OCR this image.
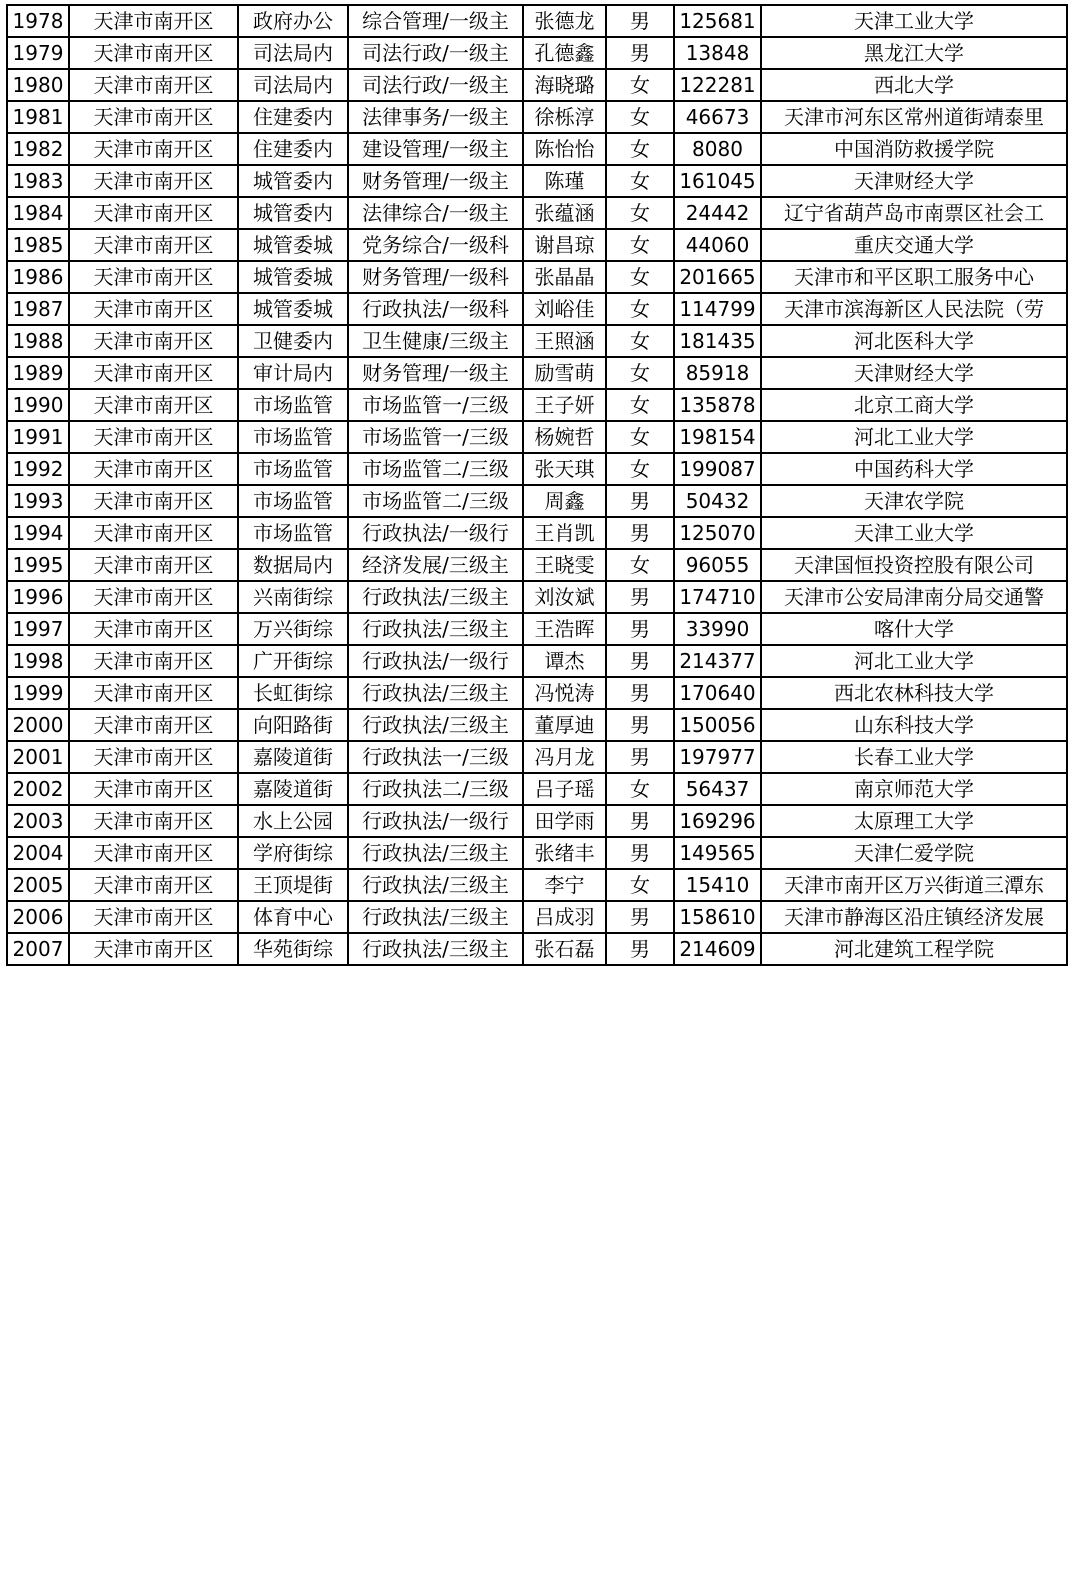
1978	天津市南开区	政府办公	综合管理/一级主	张德龙	男	125681	天津工业大学
1979	天津市南开区	司法局内	司法行政/一级主	孔德鑫	男	13848	黑龙江大学
1980	天津市南开区	司法局内	司法行政/一级主	海晓璐	女	122281	西北大学
1981	天津市南开区	住建委内	法律事务/一级主	徐栎淳	女	46673	天津市河东区常州道街靖泰里
1982	天津市南开区	住建委内	建设管理/一级主	陈怡怡	女	8080	中国消防救援学院
1983	天津市南开区	城管委内	财务管理/一级主	陈瑾	女	161045	天津财经大学
1984	天津市南开区	城管委内	法律综合/一级主	张蕴涵	女	24442	辽宁省葫芦岛市南票区社会工
1985	天津市南开区	城管委城	党务综合/一级科	谢昌琼	女	44060	重庆交通大学
1986	天津市南开区	城管委城	财务管理/一级科	张晶晶	女	201665	天津市和平区职工服务中心
1987	天津市南开区	城管委城	行政执法/一级科	刘峪佳	女	114799	天津市滨海新区人民法院（劳
1988	天津市南开区	卫健委内	卫生健康/三级主	王照涵	女	181435	河北医科大学
1989	天津市南开区	审计局内	财务管理/一级主	励雪萌	女	85918	天津财经大学
1990	天津市南开区	市场监管	市场监管一/三级	王子妍	女	135878	北京工商大学
1991	天津市南开区	市场监管	市场监管一/三级	杨婉哲	女	198154	河北工业大学
1992	天津市南开区	市场监管	市场监管二/三级	张天琪	女	199087	中国药科大学
1993	天津市南开区	市场监管	市场监管二/三级	周鑫	男	50432	天津农学院
1994	天津市南开区	市场监管	行政执法/一级行	王肖凯	男	125070	天津工业大学
1995	天津市南开区	数据局内	经济发展/三级主	王晓雯	女	96055	天津国恒投资控股有限公司
1996	天津市南开区	兴南街综	行政执法/三级主	刘汝斌	男	174710	天津市公安局津南分局交通警
1997	天津市南开区	万兴街综	行政执法/三级主	王浩晖	男	33990	喀什大学
1998	天津市南开区	广开街综	行政执法/一级行	谭杰	男	214377	河北工业大学
1999	天津市南开区	长虹街综	行政执法/三级主	冯悦涛	男	170640	西北农林科技大学
2000	天津市南开区	向阳路街	行政执法/三级主	董厚迪	男	150056	山东科技大学
2001	天津市南开区	嘉陵道街	行政执法一/三级	冯月龙	男	197977	长春工业大学
2002	天津市南开区	嘉陵道街	行政执法二/三级	吕子瑶	女	56437	南京师范大学
2003	天津市南开区	水上公园	行政执法/一级行	田学雨	男	169296	太原理工大学
2004	天津市南开区	学府街综	行政执法/三级主	张绪丰	男	149565	天津仁爱学院
2005	天津市南开区	王顶堤街	行政执法/三级主	李宁	女	15410	天津市南开区万兴街道三潭东
2006	天津市南开区	体育中心	行政执法/三级主	吕成羽	男	158610	天津市静海区沿庄镇经济发展
2007	天津市南开区	华苑街综	行政执法/三级主	张石磊	男	214609	河北建筑工程学院
